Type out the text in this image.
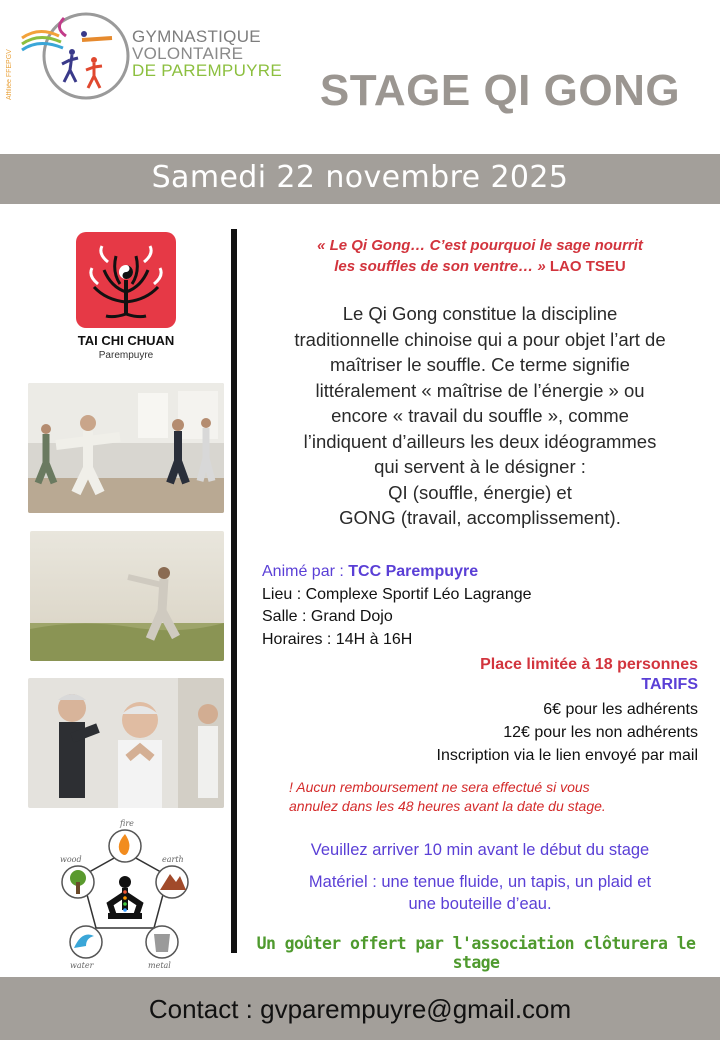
Affiliée FFEPGV
GYMNASTIQUE
VOLONTAIRE
DE PAREMPUYRE STAGE QI GONG
Samedi 22 novembre 2025
TAI CHI CHUAN
Parempuyre
fire
wood	earth
water	metal
« Le Qi Gong… C’est pourquoi le sage nourrit
les souffles de son ventre… » LAO TSEU
Le Qi Gong constitue la discipline
traditionnelle chinoise qui a pour objet l’art de
maîtriser le souffle. Ce terme signifie
littéralement « maîtrise de l’énergie » ou
encore « travail du souffle », comme
l’indiquent d’ailleurs les deux idéogrammes
qui servent à le désigner :
QI (souffle, énergie) et
GONG (travail, accomplissement).
Animé par : TCC Parempuyre
Lieu : Complexe Sportif Léo Lagrange
Salle : Grand Dojo
Horaires : 14H à 16H
Place limitée à 18 personnes
TARIFS
6€ pour les adhérents
12€ pour les non adhérents
Inscription via le lien envoyé par mail
! Aucun remboursement ne sera effectué si vous
annulez dans les 48 heures avant la date du stage.
Veuillez arriver 10 min avant le début du stage
Matériel : une tenue fluide, un tapis, un plaid et
une bouteille d’eau.
Un goûter offert par l'association clôturera le stage
Contact : gvparempuyre@gmail.com
